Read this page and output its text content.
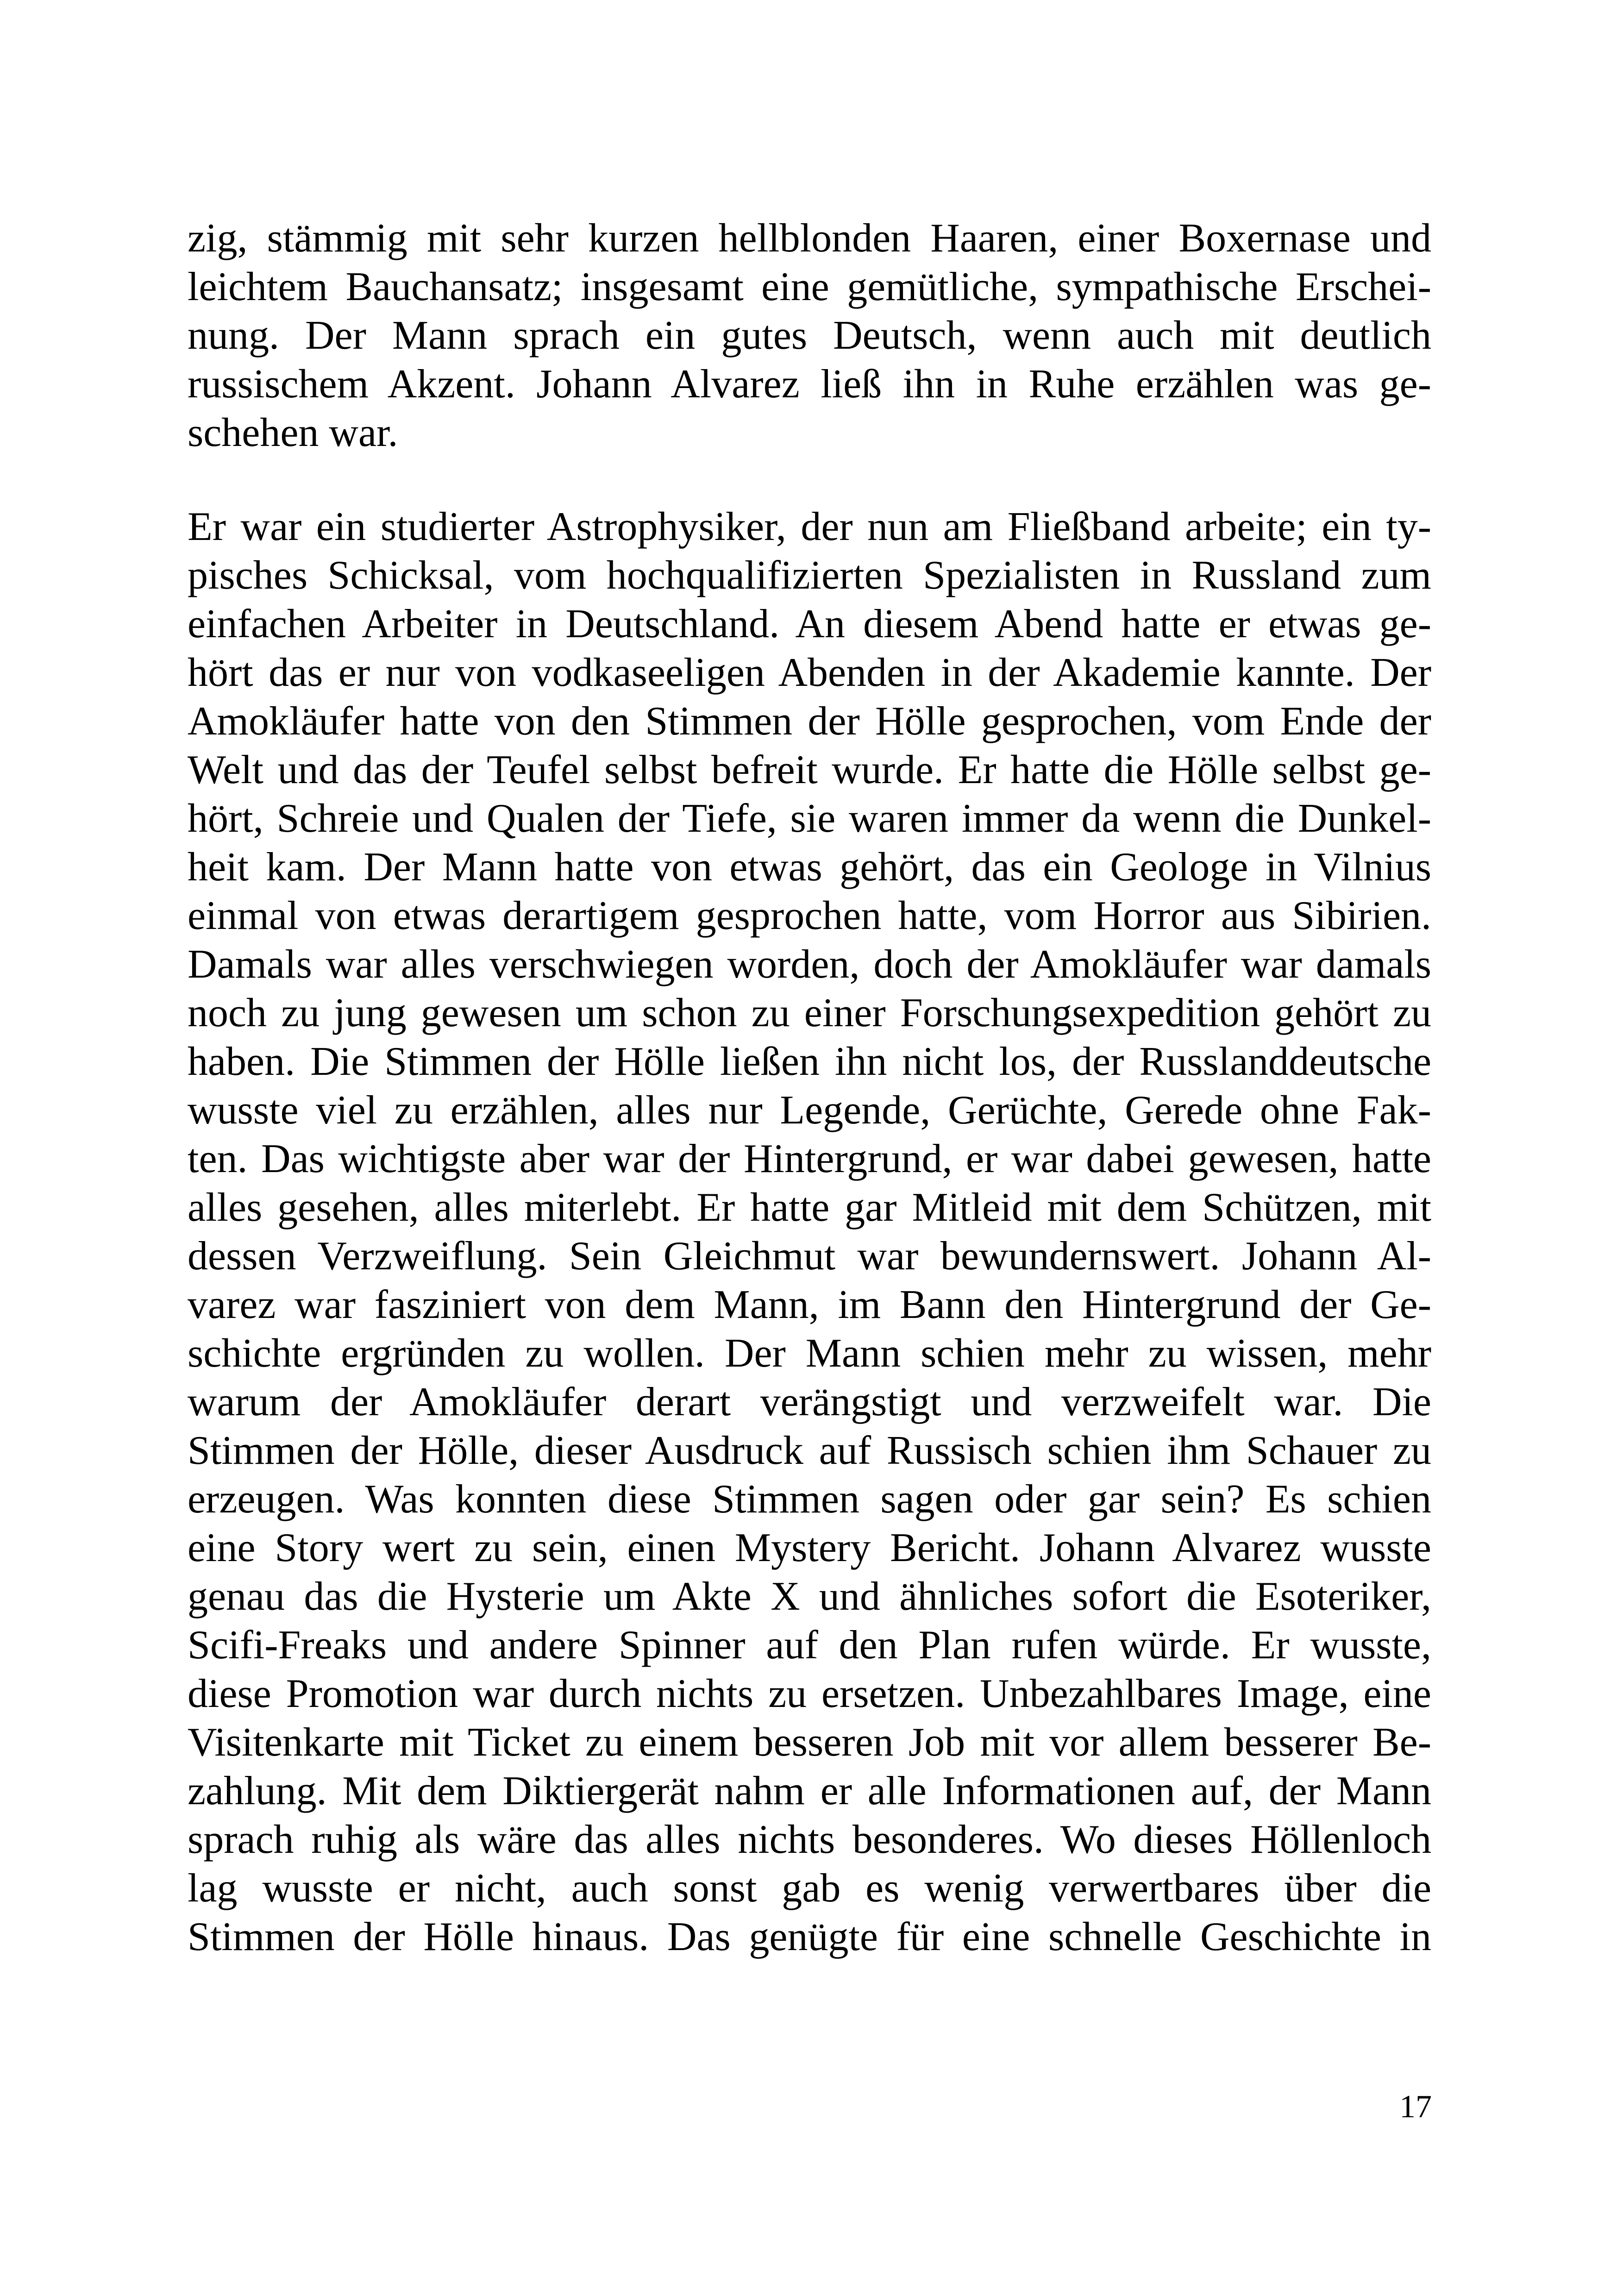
zig, stämmig mit sehr kurzen hellblonden Haaren, einer Boxernase und
leichtem Bauchansatz; insgesamt eine gemütliche, sympathische Erschei-
nung. Der Mann sprach ein gutes Deutsch, wenn auch mit deutlich
russischem Akzent. Johann Alvarez ließ ihn in Ruhe erzählen was ge-
schehen war.
Er war ein studierter Astrophysiker, der nun am Fließband arbeite; ein ty-
pisches Schicksal, vom hochqualifizierten Spezialisten in Russland zum
einfachen Arbeiter in Deutschland. An diesem Abend hatte er etwas ge-
hört das er nur von vodkaseeligen Abenden in der Akademie kannte. Der
Amokläufer hatte von den Stimmen der Hölle gesprochen, vom Ende der
Welt und das der Teufel selbst befreit wurde. Er hatte die Hölle selbst ge-
hört, Schreie und Qualen der Tiefe, sie waren immer da wenn die Dunkel-
heit kam. Der Mann hatte von etwas gehört, das ein Geologe in Vilnius
einmal von etwas derartigem gesprochen hatte, vom Horror aus Sibirien.
Damals war alles verschwiegen worden, doch der Amokläufer war damals
noch zu jung gewesen um schon zu einer Forschungsexpedition gehört zu
haben. Die Stimmen der Hölle ließen ihn nicht los, der Russlanddeutsche
wusste viel zu erzählen, alles nur Legende, Gerüchte, Gerede ohne Fak-
ten. Das wichtigste aber war der Hintergrund, er war dabei gewesen, hatte
alles gesehen, alles miterlebt. Er hatte gar Mitleid mit dem Schützen, mit
dessen Verzweiflung. Sein Gleichmut war bewundernswert. Johann Al-
varez war fasziniert von dem Mann, im Bann den Hintergrund der Ge-
schichte ergründen zu wollen. Der Mann schien mehr zu wissen, mehr
warum der Amokläufer derart verängstigt und verzweifelt war. Die
Stimmen der Hölle, dieser Ausdruck auf Russisch schien ihm Schauer zu
erzeugen. Was konnten diese Stimmen sagen oder gar sein? Es schien
eine Story wert zu sein, einen Mystery Bericht. Johann Alvarez wusste
genau das die Hysterie um Akte X und ähnliches sofort die Esoteriker,
Scifi-Freaks und andere Spinner auf den Plan rufen würde. Er wusste,
diese Promotion war durch nichts zu ersetzen. Unbezahlbares Image, eine
Visitenkarte mit Ticket zu einem besseren Job mit vor allem besserer Be-
zahlung. Mit dem Diktiergerät nahm er alle Informationen auf, der Mann
sprach ruhig als wäre das alles nichts besonderes. Wo dieses Höllenloch
lag wusste er nicht, auch sonst gab es wenig verwertbares über die
Stimmen der Hölle hinaus. Das genügte für eine schnelle Geschichte in
17
